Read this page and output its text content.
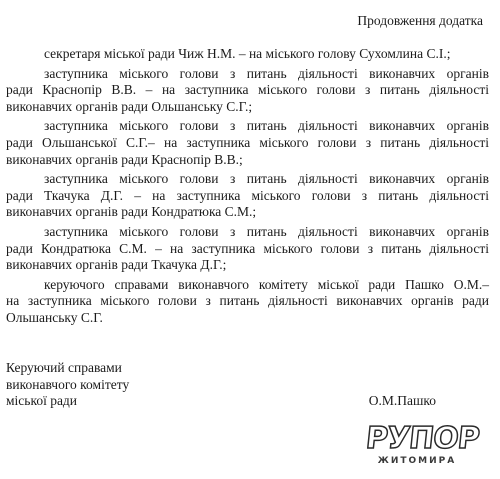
Продовження додатка
секретаря міської ради Чиж Н.М. – на міського голову Сухомлина С.І.;
заступника міського голови з питань діяльності виконавчих органів
ради Краснопір В.В. – на заступника міського голови з питань діяльності
виконавчих органів ради Ольшанську С.Г.;
заступника міського голови з питань діяльності виконавчих органів
ради Ольшанської С.Г.– на заступника міського голови з питань діяльності
виконавчих органів ради Краснопір В.В.;
заступника міського голови з питань діяльності виконавчих органів
ради Ткачука Д.Г. – на заступника міського голови з питань діяльності
виконавчих органів ради Кондратюка С.М.;
заступника міського голови з питань діяльності виконавчих органів
ради Кондратюка С.М. – на заступника міського голови з питань діяльності
виконавчих органів ради Ткачука Д.Г.;
керуючого справами виконавчого комітету міської ради Пашко О.М.–
на заступника міського голови з питань діяльності виконавчих органів ради
Ольшанську С.Г.
Керуючий справами
виконавчого комітету
міської ради	О.М.Пашко
РУПОР
ЖИТОМИРА
